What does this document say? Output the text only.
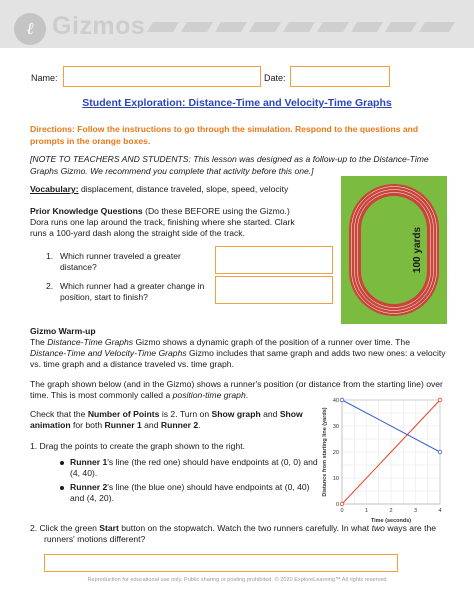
ℓ Gizmos
Name:	Date:
Student Exploration: Distance-Time and Velocity-Time Graphs
Directions: Follow the instructions to go through the simulation. Respond to the questions and prompts in the orange boxes.
[NOTE TO TEACHERS AND STUDENTS: This lesson was designed as a follow-up to the Distance-Time Graphs Gizmo. We recommend you complete that activity before this one.]
Vocabulary: displacement, distance traveled, slope, speed, velocity
Prior Knowledge Questions (Do these BEFORE using the Gizmo.)
Dora runs one lap around the track, finishing where she started. Clark runs a 100-yard dash along the straight side of the track.
1. Which runner traveled a greater
distance?
2. Which runner had a greater change in
position, start to finish?
100 yards
Gizmo Warm-up
The Distance-Time Graphs Gizmo shows a dynamic graph of the position of a runner over time. The
Distance-Time and Velocity-Time Graphs Gizmo includes that same graph and adds two new ones: a velocity
vs. time graph and a distance traveled vs. time graph.
The graph shown below (and in the Gizmo) shows a runner's position (or distance from the starting line) over
time. This is most commonly called a position-time graph.
Check that the Number of Points is 2. Turn on Show graph and Show
animation for both Runner 1 and Runner 2.
1. Drag the points to create the graph shown to the right.
Runner 1's line (the red one) should have endpoints at (0, 0) and
(4, 40).
Runner 2's line (the blue one) should have endpoints at (0, 40)
and (4, 20).
2. Click the green Start button on the stopwatch. Watch the two runners carefully. In what two ways are the
runners' motions different?
0
10
20
30
40
0	1	2	3	4
Time (seconds)
Distance from starting line (yards)
Reproduction for educational use only. Public sharing or posting prohibited. © 2020 ExploreLearning™ All rights reserved
